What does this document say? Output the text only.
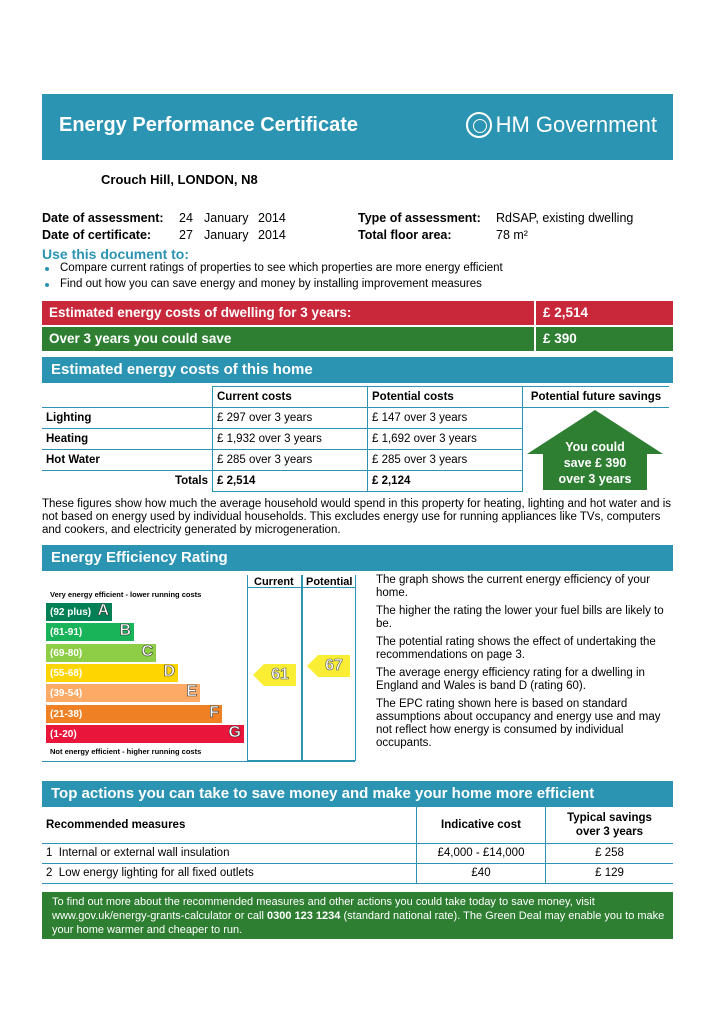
Energy Performance Certificate	HM Government
Crouch Hill, LONDON, N8
Date of assessment: 24 January 2014
Date of certificate: 27 January 2014
Type of assessment: RdSAP, existing dwelling
Total floor area:	78 m²
Use this document to:
Compare current ratings of properties to see which properties are more energy efficient
Find out how you can save energy and money by installing improvement measures
Estimated energy costs of dwelling for 3 years:	£ 2,514
Over 3 years you could save	£ 390
Estimated energy costs of this home
	Current costs	Potential costs	Potential future savings
Lighting	£ 297 over 3 years	£ 147 over 3 years	
Heating	£ 1,932 over 3 years	£ 1,692 over 3 years	
Hot Water	£ 285 over 3 years	£ 285 over 3 years	
Totals	£ 2,514	£ 2,124	
You could
save £ 390
over 3 years
These figures show how much the average household would spend in this property for heating, lighting and hot water and is not based on energy used by individual households. This excludes energy use for running appliances like TVs, computers and cookers, and electricity generated by microgeneration.
Energy Efficiency Rating
Very energy efficient - lower running costs
Not energy efficient - higher running costs
(92 plus) A
(81-91) B
(69-80)	C
(55-68)	D
(39-54)	E
(21-38)	F
(1-20)	G
Current Potential
61
67

The graph shows the current energy efficiency of your home.

The higher the rating the lower your fuel bills are likely to be.

The potential rating shows the effect of undertaking the recommendations on page 3.

The average energy efficiency rating for a dwelling in England and Wales is band D (rating 60).

The EPC rating shown here is based on standard assumptions about occupancy and energy use and may not reflect how energy is consumed by individual occupants.

Top actions you can take to save money and make your home more efficient
Recommended measures	Indicative cost	Typical savings
over 3 years

1 Internal or external wall insulation	£4,000 - £14,000	£ 258
2 Low energy lighting for all fixed outlets	£40	£ 129
To find out more about the recommended measures and other actions you could take today to save money, visit www.gov.uk/energy-grants-calculator or call 0300 123 1234 (standard national rate). The Green Deal may enable you to make your home warmer and cheaper to run.
